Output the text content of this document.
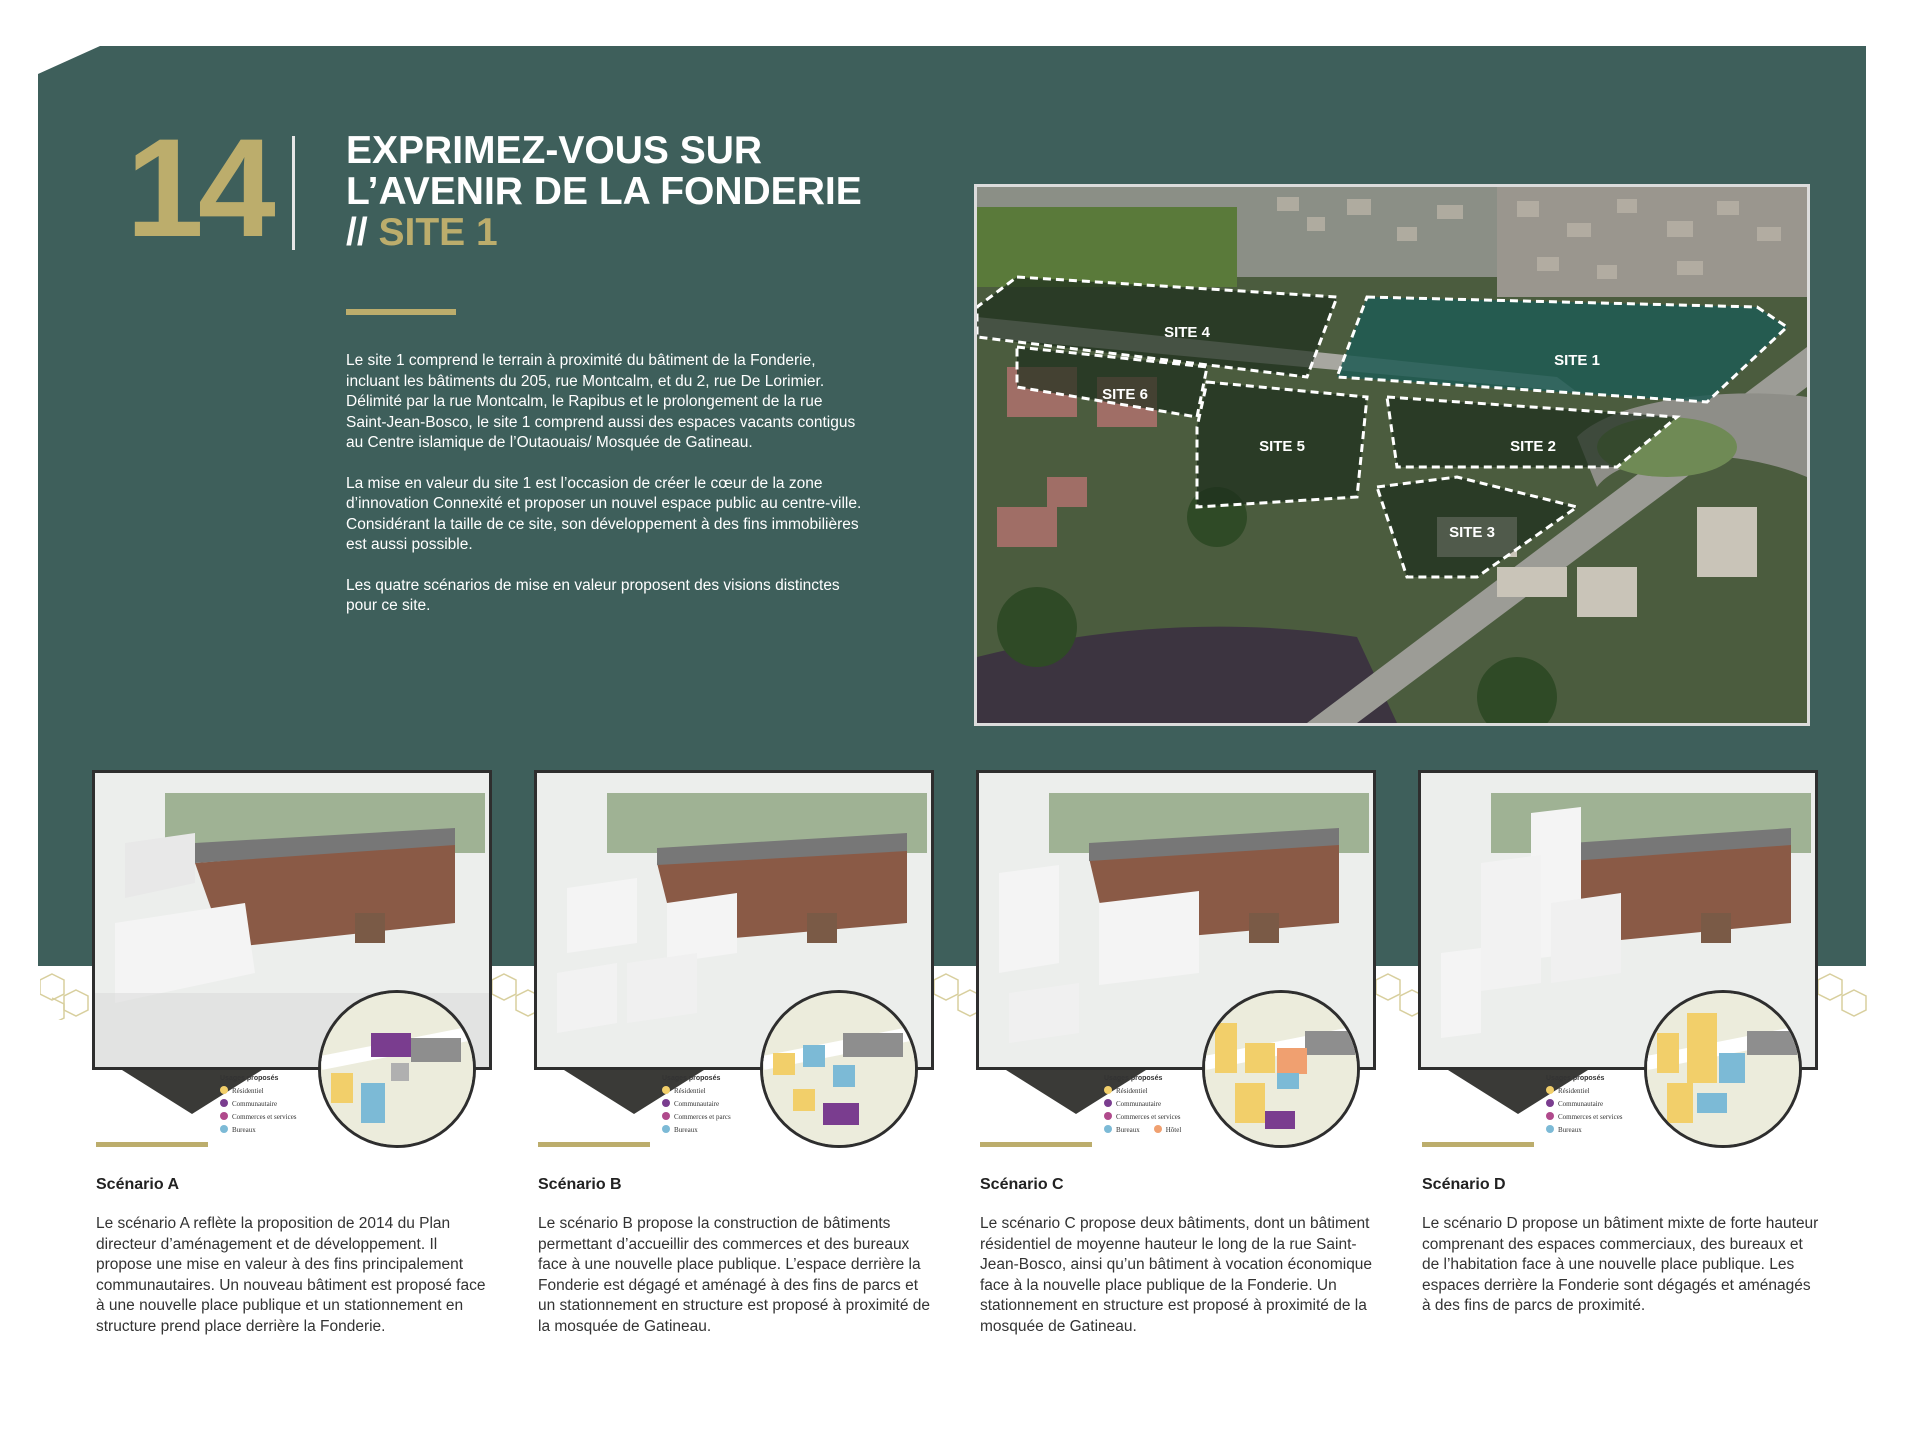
14 EXPRIMEZ-VOUS SUR
L’AVENIR DE LA FONDERIE
// SITE 1

Le site 1 comprend le terrain à proximité du bâtiment de la Fonderie, incluant les bâtiments du 205, rue Montcalm, et du 2, rue De Lorimier. Délimité par la rue Montcalm, le Rapibus et le prolongement de la rue Saint-Jean-Bosco, le site 1 comprend aussi des espaces vacants contigus au Centre islamique de l’Outaouais/ Mosquée de Gatineau.

La mise en valeur du site 1 est l’occasion de créer le cœur de la zone d’innovation Connexité et proposer un nouvel espace public au centre-ville. Considérant la taille de ce site, son développement à des fins immobilières est aussi possible.

Les quatre scénarios de mise en valeur proposent des visions distinctes pour ce site.

SITE 4
SITE 1
SITE 6
SITE 5	SITE 2
SITE 3
Usages proposés
Résidentiel
Communautaire
Commerces et services
Bureaux
Usages proposés
Résidentiel
Communautaire
Commerces et parcs
Bureaux
Usages proposés
Résidentiel
Communautaire
Commerces et services
Bureaux	Hôtel
Usages proposés
Résidentiel
Communautaire
Commerces et services
Bureaux
Scénario A
Le scénario A reflète la proposition de 2014 du Plan directeur d’aménagement et de développement. Il propose une mise en valeur à des fins principalement communautaires. Un nouveau bâtiment est proposé face à une nouvelle place publique et un stationnement en structure prend place derrière la Fonderie.
Scénario B
Le scénario B propose la construction de bâtiments permettant d’accueillir des commerces et des bureaux face à une nouvelle place publique. L’espace derrière la Fonderie est dégagé et aménagé à des fins de parcs et un stationnement en structure est proposé à proximité de la mosquée de Gatineau.
Scénario C
Le scénario C propose deux bâtiments, dont un bâtiment résidentiel de moyenne hauteur le long de la rue Saint-Jean-Bosco, ainsi qu’un bâtiment à vocation économique face à la nouvelle place publique de la Fonderie. Un stationnement en structure est proposé à proximité de la mosquée de Gatineau.
Scénario D
Le scénario D propose un bâtiment mixte de forte hauteur comprenant des espaces commerciaux, des bureaux et de l’habitation face à une nouvelle place publique. Les espaces derrière la Fonderie sont dégagés et aménagés à des fins de parcs de proximité.
